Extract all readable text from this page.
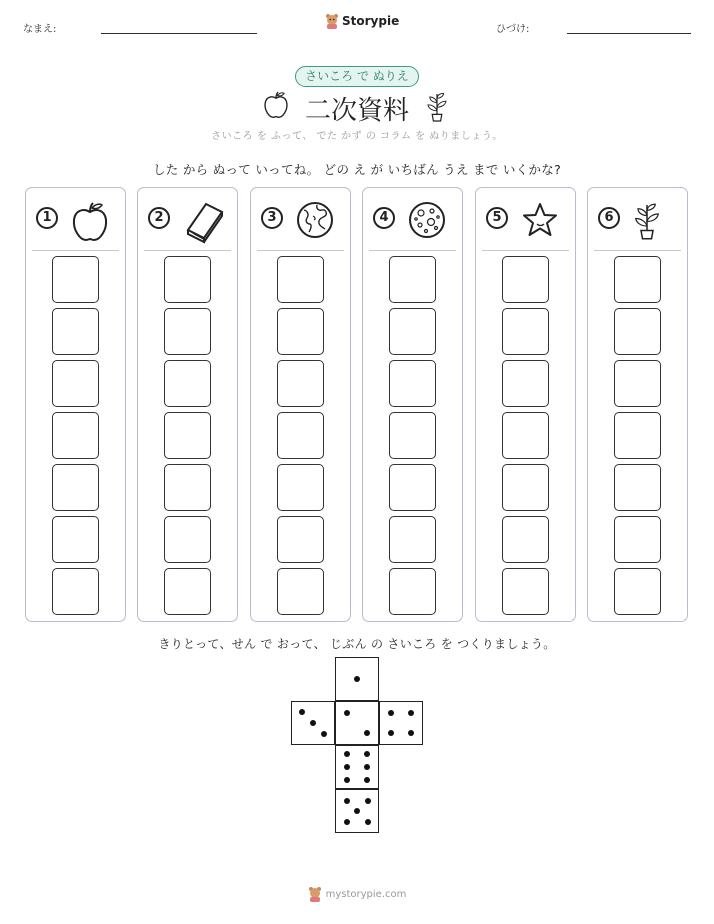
なまえ:
Storypie
ひづけ:
さいころ で ぬりえ
二次資料
さいころ を ふって、 でた かず の コラム を ぬりましょう。
した から ぬって いってね。 どの え が いちばん うえ まで いくかな?
1	2	3	4	5	6
きりとって、せん で おって、 じぶん の さいころ を つくりましょう。
mystorypie.com
